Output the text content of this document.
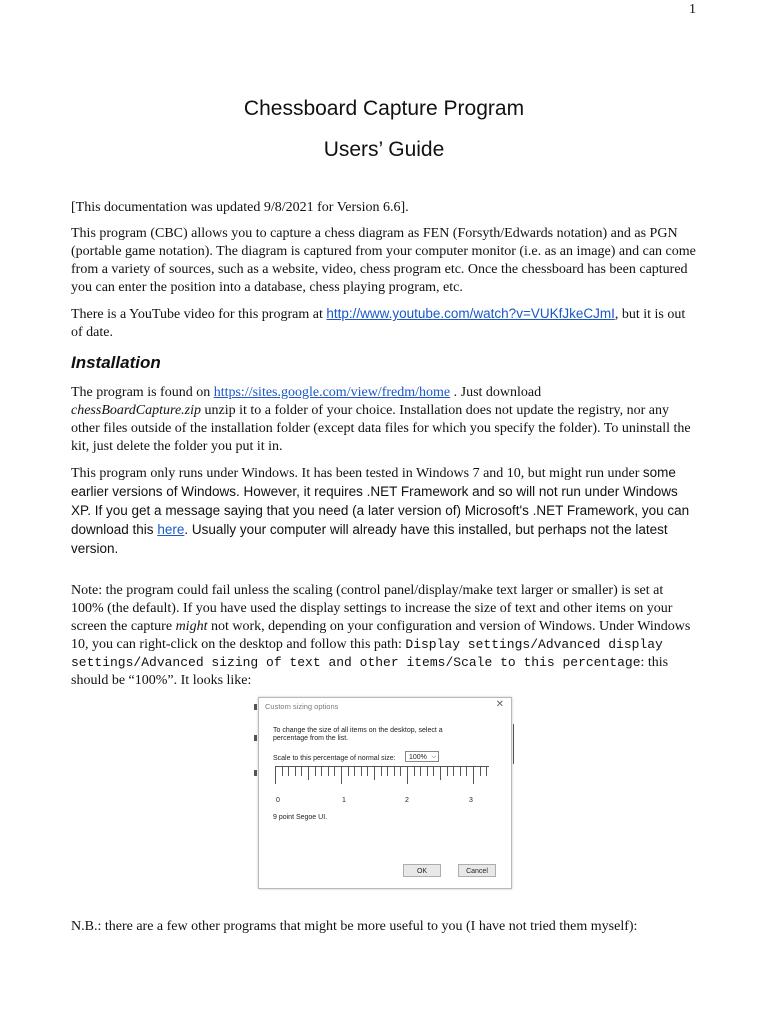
1
Chessboard Capture Program
Users’ Guide

[This documentation was updated 9/8/2021 for Version 6.6].

This program (CBC) allows you to capture a chess diagram as FEN (Forsyth/Edwards notation) and as PGN (portable game notation). The diagram is captured from your computer monitor (i.e. as an image) and can come from a variety of sources, such as a website, video, chess program etc. Once the chessboard has been captured you can enter the position into a database, chess playing program, etc.

There is a YouTube video for this program at http://www.youtube.com/watch?v=VUKfJkeCJmI, but it is out of date.

Installation

The program is found on https://sites.google.com/view/fredm/home . Just download
chessBoardCapture.zip unzip it to a folder of your choice. Installation does not update the registry, nor any other files outside of the installation folder (except data files for which you specify the folder). To uninstall the kit, just delete the folder you put it in.

This program only runs under Windows. It has been tested in Windows 7 and 10, but might run under some earlier versions of Windows. However, it requires .NET Framework and so will not run under Windows XP. If you get a message saying that you need (a later version of) Microsoft's .NET Framework, you can download this here. Usually your computer will already have this installed, but perhaps not the latest version.

Note: the program could fail unless the scaling (control panel/display/make text larger or smaller) is set at 100% (the default). If you have used the display settings to increase the size of text and other items on your screen the capture might not work, depending on your configuration and version of Windows. Under Windows 10, you can right-click on the desktop and follow this path: Display settings/Advanced display settings/Advanced sizing of text and other items/Scale to this percentage: this should be “100%”. It looks like:

Custom sizing options	✕
To change the size of all items on the desktop, select a percentage from the list.
Scale to this percentage of normal size:	100% ⌵
0	1	2	3
9 point Segoe UI.
OK	Cancel

N.B.: there are a few other programs that might be more useful to you (I have not tried them myself):
